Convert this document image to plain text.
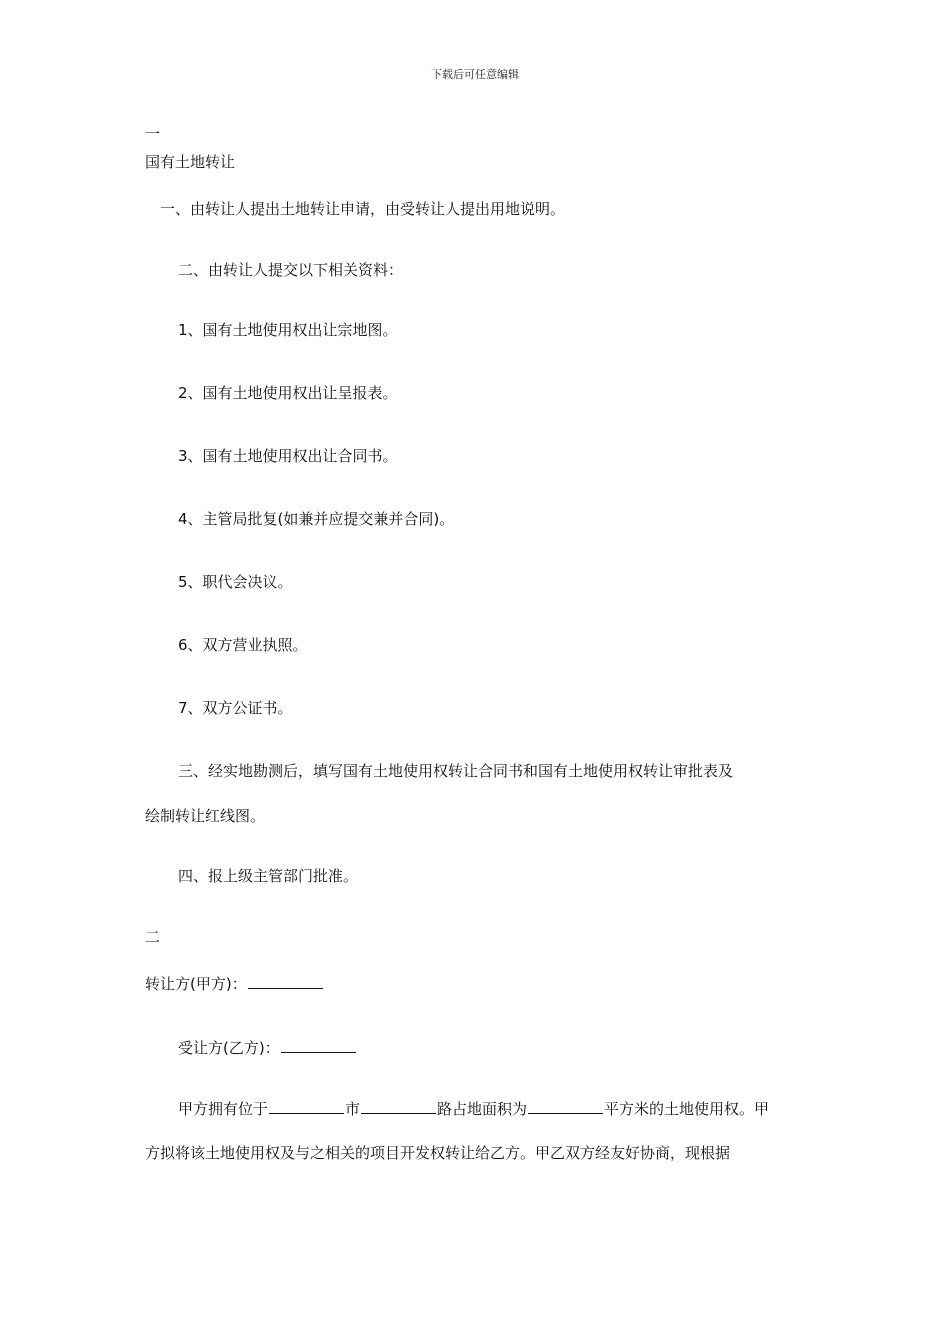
下载后可任意编辑
一
国有土地转让
一、由转让人提出土地转让申请，由受转让人提出用地说明。
二、由转让人提交以下相关资料：
1、国有土地使用权出让宗地图。
2、国有土地使用权出让呈报表。
3、国有土地使用权出让合同书。
4、主管局批复(如兼并应提交兼并合同)。
5、职代会决议。
6、双方营业执照。
7、双方公证书。
三、经实地勘测后，填写国有土地使用权转让合同书和国有土地使用权转让审批表及
绘制转让红线图。
四、报上级主管部门批准。
二
转让方(甲方)：
受让方(乙方)：
甲方拥有位于	市	路占地面积为	平方米的土地使用权。甲
方拟将该土地使用权及与之相关的项目开发权转让给乙方。甲乙双方经友好协商，现根据
